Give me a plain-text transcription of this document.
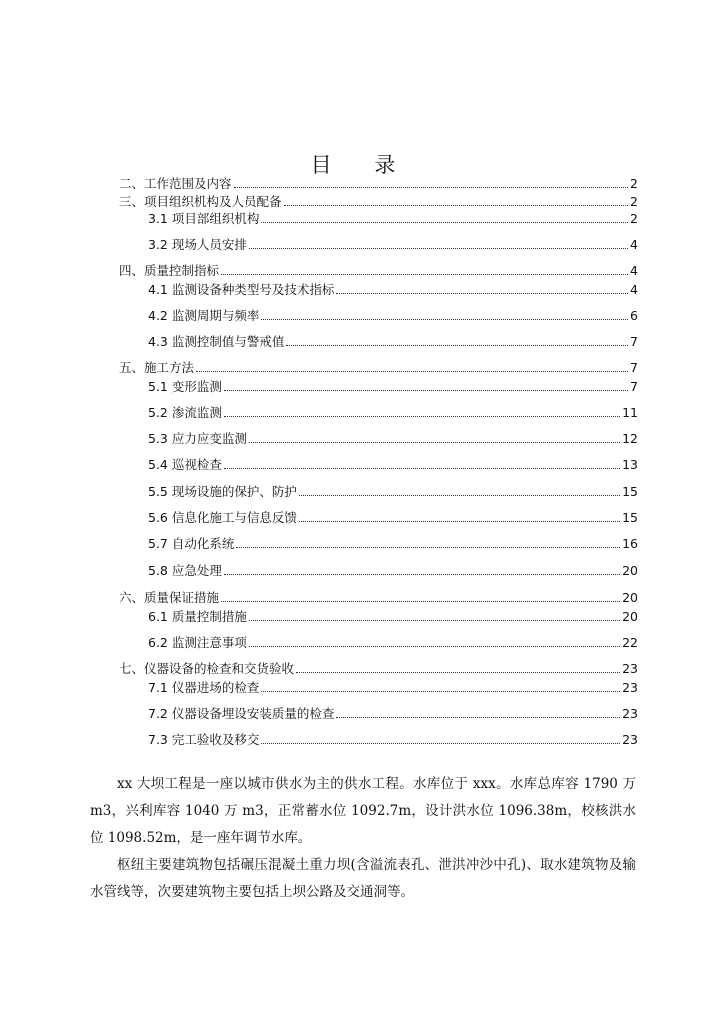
目 录
二、工作范围及内容	2
三、项目组织机构及人员配备	2
3.1 项目部组织机构	2
3.2 现场人员安排	4
四、质量控制指标	4
4.1 监测设备种类型号及技术指标	4
4.2 监测周期与频率	6
4.3 监测控制值与警戒值	7
五、施工方法	7
5.1 变形监测	7
5.2 渗流监测	11
5.3 应力应变监测	12
5.4 巡视检查	13
5.5 现场设施的保护、防护	15
5.6 信息化施工与信息反馈	15
5.7 自动化系统	16
5.8 应急处理	20
六、质量保证措施	20
6.1 质量控制措施	20
6.2 监测注意事项	22
七、仪器设备的检查和交货验收	23
7.1 仪器进场的检查	23
7.2 仪器设备埋设安装质量的检查	23
7.3 完工验收及移交	23

xx 大坝工程是一座以城市供水为主的供水工程。水库位于 xxx。水库总库容 1790 万 m3，兴利库容 1040 万 m3，正常蓄水位 1092.7m，设计洪水位 1096.38m，校核洪水位 1098.52m，是一座年调节水库。

枢纽主要建筑物包括碾压混凝土重力坝(含溢流表孔、泄洪冲沙中孔)、取水建筑物及输水管线等，次要建筑物主要包括上坝公路及交通洞等。
